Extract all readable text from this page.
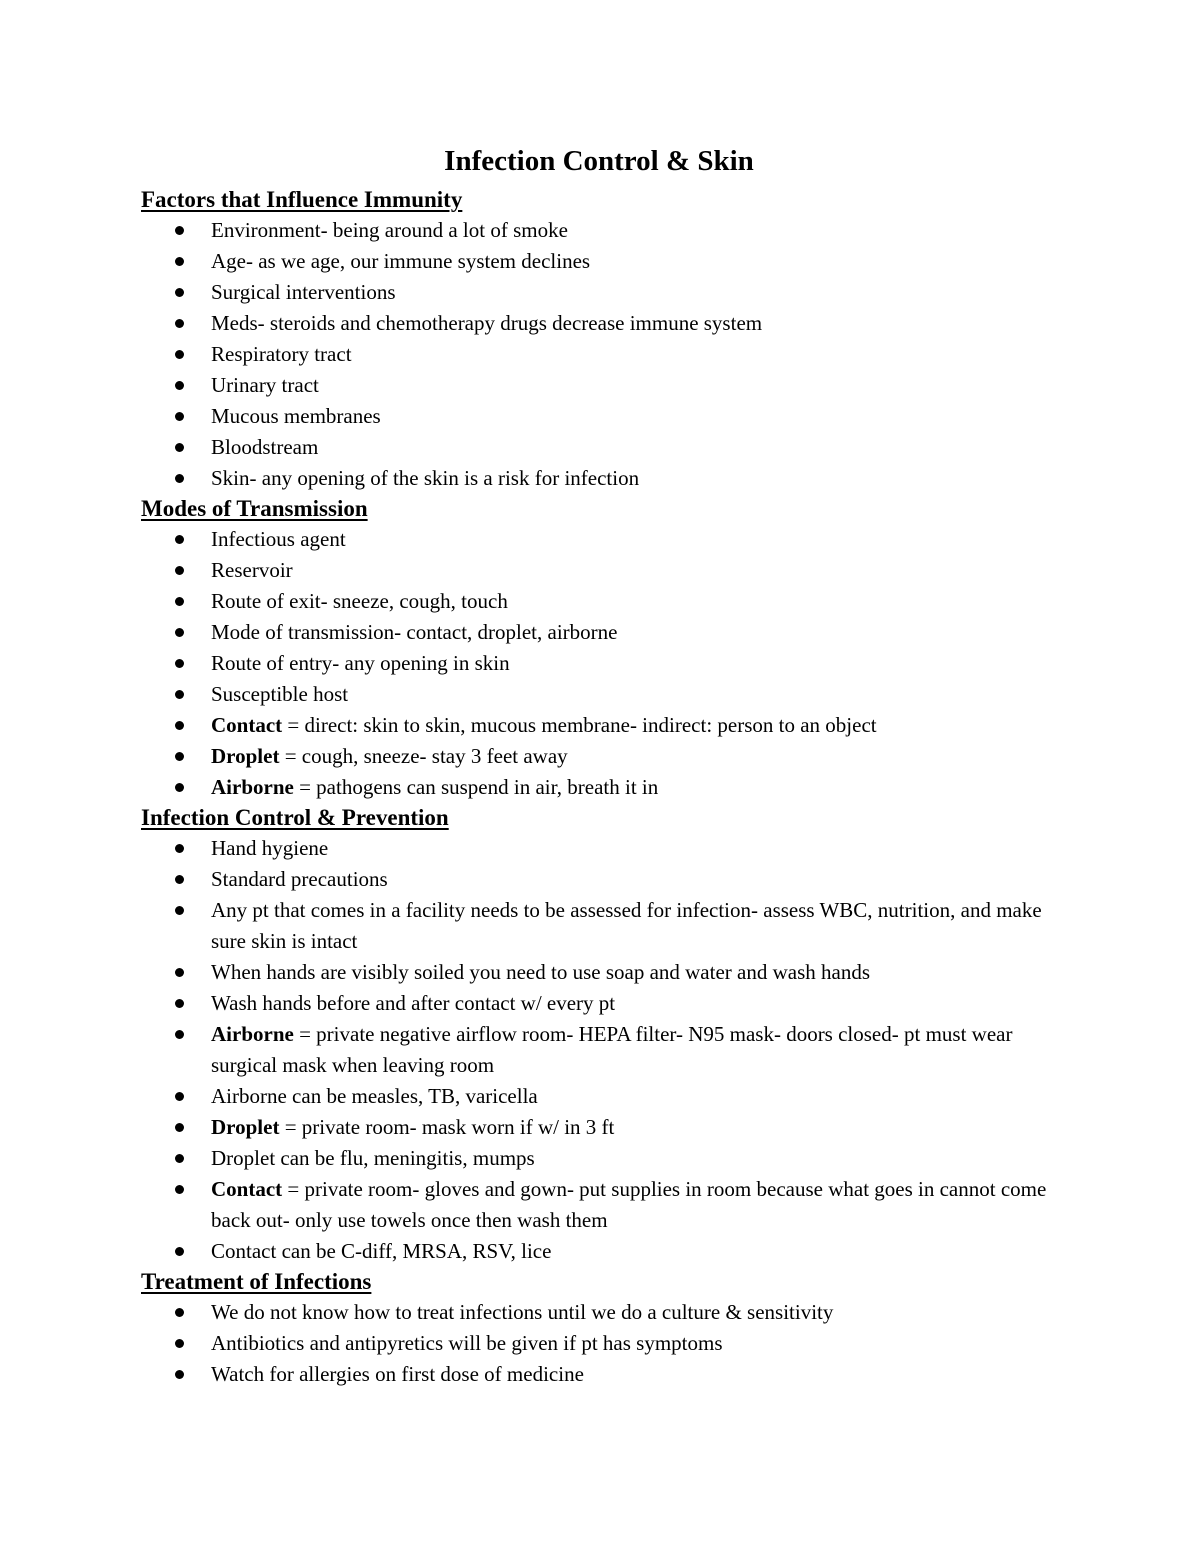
Infection Control & Skin
Factors that Influence Immunity
Environment- being around a lot of smoke
Age- as we age, our immune system declines
Surgical interventions
Meds- steroids and chemotherapy drugs decrease immune system
Respiratory tract
Urinary tract
Mucous membranes
Bloodstream
Skin- any opening of the skin is a risk for infection
Modes of Transmission
Infectious agent
Reservoir
Route of exit- sneeze, cough, touch
Mode of transmission- contact, droplet, airborne
Route of entry- any opening in skin
Susceptible host
Contact = direct: skin to skin, mucous membrane- indirect: person to an object
Droplet = cough, sneeze- stay 3 feet away
Airborne = pathogens can suspend in air, breath it in
Infection Control & Prevention
Hand hygiene
Standard precautions
Any pt that comes in a facility needs to be assessed for infection- assess WBC, nutrition, and make sure skin is intact
When hands are visibly soiled you need to use soap and water and wash hands
Wash hands before and after contact w/ every pt
Airborne = private negative airflow room- HEPA filter- N95 mask- doors closed- pt must wear surgical mask when leaving room
Airborne can be measles, TB, varicella
Droplet = private room- mask worn if w/ in 3 ft
Droplet can be flu, meningitis, mumps
Contact = private room- gloves and gown- put supplies in room because what goes in cannot come back out- only use towels once then wash them
Contact can be C-diff, MRSA, RSV, lice
Treatment of Infections
We do not know how to treat infections until we do a culture & sensitivity
Antibiotics and antipyretics will be given if pt has symptoms
Watch for allergies on first dose of medicine
